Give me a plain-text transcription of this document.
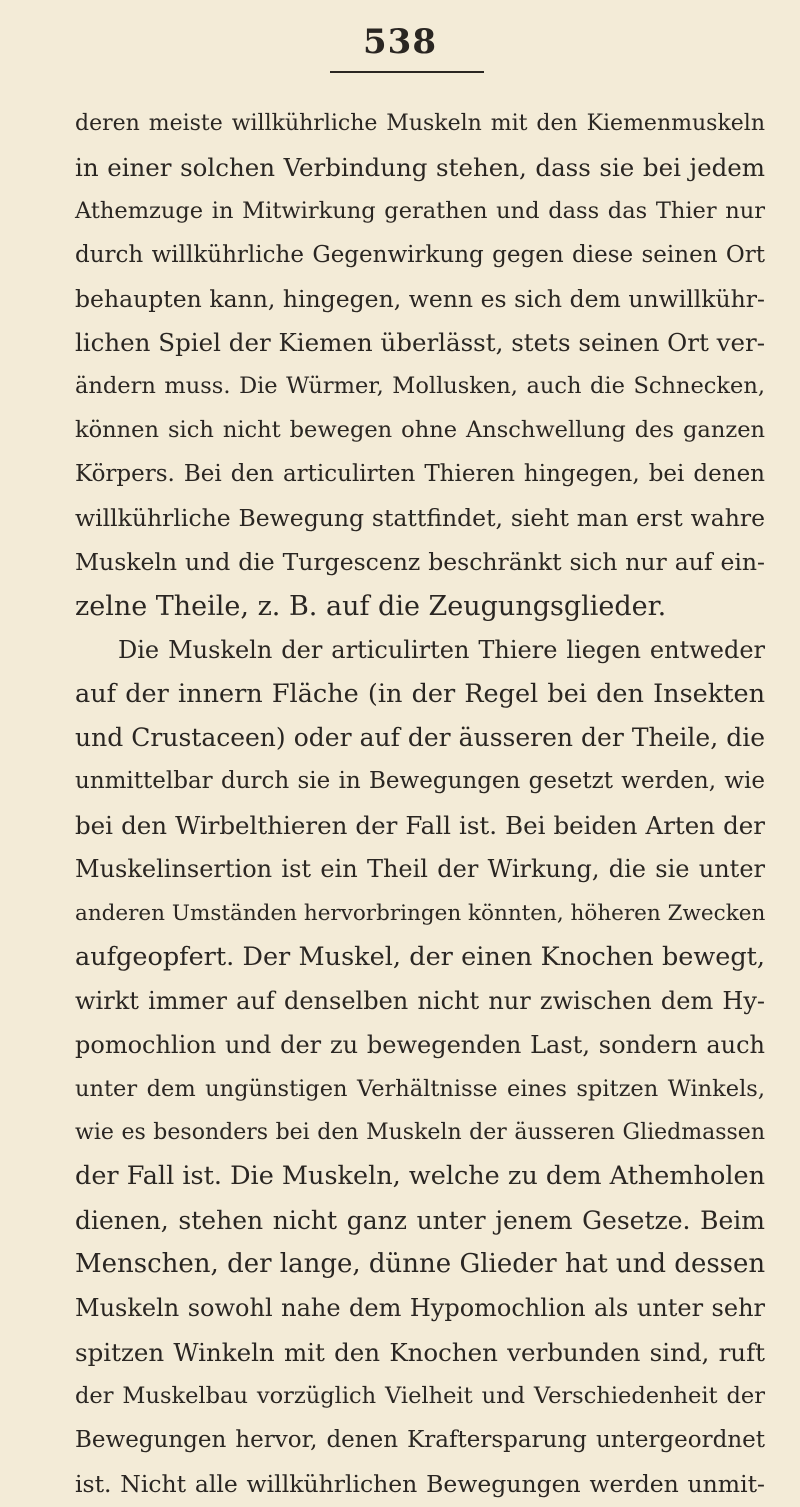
538
deren meiste willkührliche Muskeln mit den Kiemenmuskeln
in einer solchen Verbindung stehen, dass sie bei jedem
Athemzuge in Mitwirkung gerathen und dass das Thier nur
durch willkührliche Gegenwirkung gegen diese seinen Ort
behaupten kann, hingegen, wenn es sich dem unwillkühr-
lichen Spiel der Kiemen überlässt, stets seinen Ort ver-
ändern muss. Die Würmer, Mollusken, auch die Schnecken,
können sich nicht bewegen ohne Anschwellung des ganzen
Körpers. Bei den articulirten Thieren hingegen, bei denen
willkührliche Bewegung stattfindet, sieht man erst wahre
Muskeln und die Turgescenz beschränkt sich nur auf ein-
zelne Theile, z. B. auf die Zeugungsglieder.
Die Muskeln der articulirten Thiere liegen entweder
auf der innern Fläche (in der Regel bei den Insekten
und Crustaceen) oder auf der äusseren der Theile, die
unmittelbar durch sie in Bewegungen gesetzt werden, wie
bei den Wirbelthieren der Fall ist. Bei beiden Arten der
Muskelinsertion ist ein Theil der Wirkung, die sie unter
anderen Umständen hervorbringen könnten, höheren Zwecken
aufgeopfert. Der Muskel, der einen Knochen bewegt,
wirkt immer auf denselben nicht nur zwischen dem Hy-
pomochlion und der zu bewegenden Last, sondern auch
unter dem ungünstigen Verhältnisse eines spitzen Winkels,
wie es besonders bei den Muskeln der äusseren Gliedmassen
der Fall ist. Die Muskeln, welche zu dem Athemholen
dienen, stehen nicht ganz unter jenem Gesetze. Beim
Menschen, der lange, dünne Glieder hat und dessen
Muskeln sowohl nahe dem Hypomochlion als unter sehr
spitzen Winkeln mit den Knochen verbunden sind, ruft
der Muskelbau vorzüglich Vielheit und Verschiedenheit der
Bewegungen hervor, denen Kraftersparung untergeordnet
ist. Nicht alle willkührlichen Bewegungen werden unmit-
